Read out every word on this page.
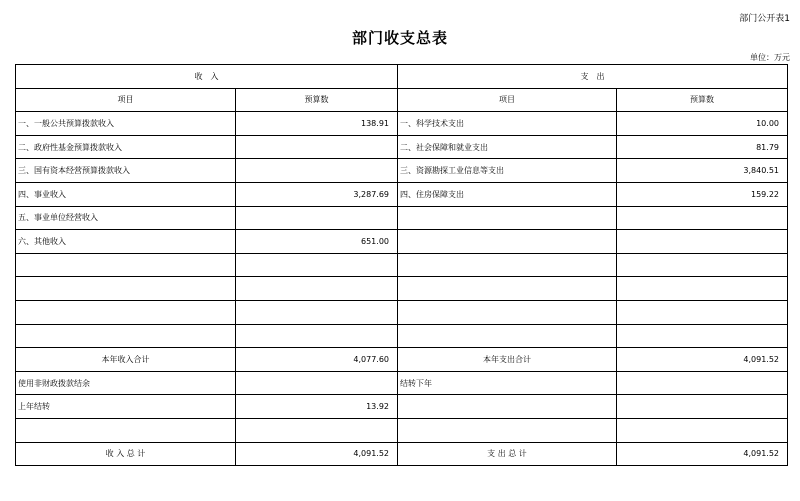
部门公开表1
部门收支总表
单位：万元
收　入		支　出	
项目	预算数	项目	预算数
一、一般公共预算拨款收入	138.91	一、科学技术支出	10.00
二、政府性基金预算拨款收入		二、社会保障和就业支出	81.79
三、国有资本经营预算拨款收入		三、资源勘探工业信息等支出	3,840.51
四、事业收入	3,287.69	四、住房保障支出	159.22
五、事业单位经营收入			
六、其他收入	651.00		

本年收入合计	4,077.60	本年支出合计	4,091.52
使用非财政拨款结余		结转下年	
上年结转	13.92		

收 入 总 计	4,091.52	支 出 总 计	4,091.52
